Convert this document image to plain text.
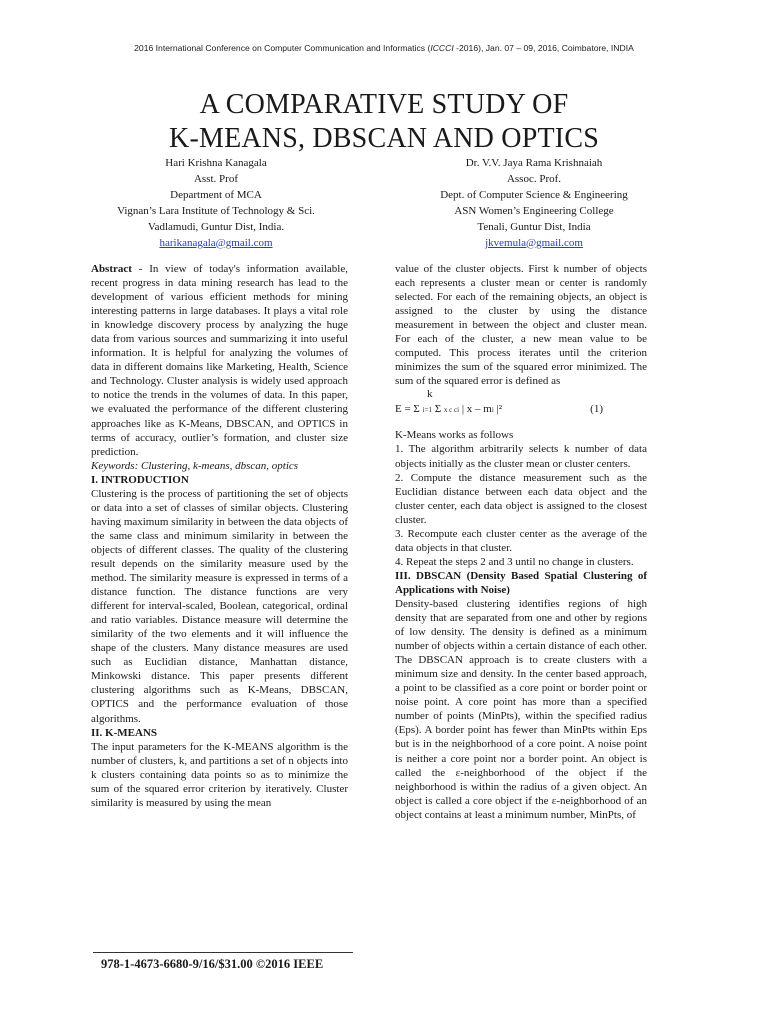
2016 International Conference on Computer Communication and Informatics (ICCCI -2016), Jan. 07 – 09, 2016, Coimbatore, INDIA
A COMPARATIVE STUDY OF
K-MEANS, DBSCAN AND OPTICS
Hari Krishna Kanagala
Asst. Prof
Department of MCA
Vignan’s Lara Institute of Technology & Sci.
Vadlamudi, Guntur Dist, India.
harikanagala@gmail.com
Dr. V.V. Jaya Rama Krishnaiah
Assoc. Prof.
Dept. of Computer Science & Engineering
ASN Women’s Engineering College
Tenali, Guntur Dist, India
jkvemula@gmail.com

Abstract - In view of today's information available, recent progress in data mining research has lead to the development of various efficient methods for mining interesting patterns in large databases. It plays a vital role in knowledge discovery process by analyzing the huge data from various sources and summarizing it into useful information. It is helpful for analyzing the volumes of data in different domains like Marketing, Health, Science and Technology. Cluster analysis is widely used approach to notice the trends in the volumes of data. In this paper, we evaluated the performance of the different clustering approaches like as K-Means, DBSCAN, and OPTICS in terms of accuracy, outlier’s formation, and cluster size prediction.

Keywords: Clustering, k-means, dbscan, optics

I. INTRODUCTION

Clustering is the process of partitioning the set of objects or data into a set of classes of similar objects. Clustering having maximum similarity in between the data objects of the same class and minimum similarity in between the objects of different classes. The quality of the clustering result depends on the similarity measure used by the method. The similarity measure is expressed in terms of a distance function. The distance functions are very different for interval-scaled, Boolean, categorical, ordinal and ratio variables. Distance measure will determine the similarity of the two elements and it will influence the shape of the clusters. Many distance measures are used such as Euclidian distance, Manhattan distance, Minkowski distance. This paper presents different clustering algorithms such as K-Means, DBSCAN, OPTICS and the performance evaluation of those algorithms.

II. K-MEANS

The input parameters for the K-MEANS algorithm is the number of clusters, k, and partitions a set of n objects into k clusters containing data points so as to minimize the sum of the squared error criterion by iteratively. Cluster similarity is measured by using the mean

value of the cluster objects. First k number of objects each represents a cluster mean or center is randomly selected. For each of the remaining objects, an object is assigned to the cluster by using the distance measurement in between the object and cluster mean. For each of the cluster, a new mean value to be computed. This process iterates until the criterion minimizes the sum of the squared error minimized. The sum of the squared error is defined as

k

E = Σ i=1 Σ x c ci | x – mi |²	(1)

K-Means works as follows

1. The algorithm arbitrarily selects k number of data objects initially as the cluster mean or cluster centers.

2. Compute the distance measurement such as the Euclidian distance between each data object and the cluster center, each data object is assigned to the closest cluster.

3. Recompute each cluster center as the average of the data objects in that cluster.

4. Repeat the steps 2 and 3 until no change in clusters.

III. DBSCAN (Density Based Spatial Clustering of Applications with Noise)

Density-based clustering identifies regions of high density that are separated from one and other by regions of low density. The density is defined as a minimum number of objects within a certain distance of each other. The DBSCAN approach is to create clusters with a minimum size and density. In the center based approach, a point to be classified as a core point or border point or noise point. A core point has more than a specified number of points (MinPts), within the specified radius (Eps). A border point has fewer than MinPts within Eps but is in the neighborhood of a core point. A noise point is neither a core point nor a border point. An object is called the ε-neighborhood of the object if the neighborhood is within the radius of a given object. An object is called a core object if the ε-neighborhood of an object contains at least a minimum number, MinPts, of

978-1-4673-6680-9/16/$31.00 ©2016 IEEE
